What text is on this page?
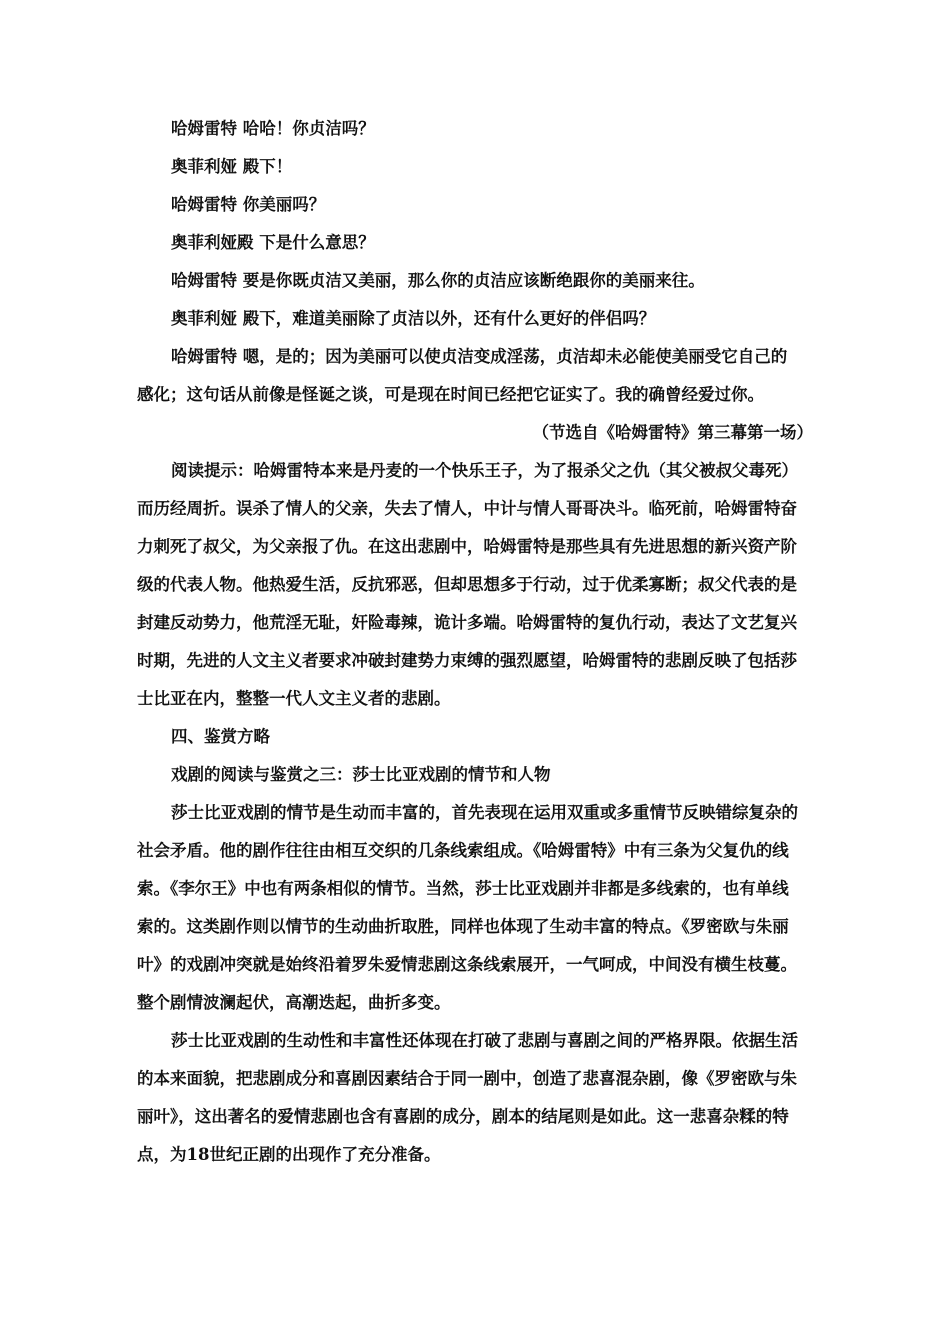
哈姆雷特 哈哈！你贞洁吗？

奥菲利娅 殿下！

哈姆雷特 你美丽吗？

奥菲利娅殿 下是什么意思？

哈姆雷特 要是你既贞洁又美丽，那么你的贞洁应该断绝跟你的美丽来往。

奥菲利娅 殿下，难道美丽除了贞洁以外，还有什么更好的伴侣吗？

哈姆雷特 嗯，是的；因为美丽可以使贞洁变成淫荡，贞洁却未必能使美丽受它自己的

感化；这句话从前像是怪诞之谈，可是现在时间已经把它证实了。我的确曾经爱过你。

（节选自《哈姆雷特》第三幕第一场）

阅读提示：哈姆雷特本来是丹麦的一个快乐王子，为了报杀父之仇（其父被叔父毒死）

而历经周折。误杀了情人的父亲，失去了情人，中计与情人哥哥决斗。临死前，哈姆雷特奋

力刺死了叔父，为父亲报了仇。在这出悲剧中，哈姆雷特是那些具有先进思想的新兴资产阶

级的代表人物。他热爱生活，反抗邪恶，但却思想多于行动，过于优柔寡断；叔父代表的是

封建反动势力，他荒淫无耻，奸险毒辣，诡计多端。哈姆雷特的复仇行动，表达了文艺复兴

时期，先进的人文主义者要求冲破封建势力束缚的强烈愿望，哈姆雷特的悲剧反映了包括莎

士比亚在内，整整一代人文主义者的悲剧。

四、鉴赏方略

戏剧的阅读与鉴赏之三：莎士比亚戏剧的情节和人物

莎士比亚戏剧的情节是生动而丰富的，首先表现在运用双重或多重情节反映错综复杂的

社会矛盾。他的剧作往往由相互交织的几条线索组成。《哈姆雷特》中有三条为父复仇的线

索。《李尔王》中也有两条相似的情节。当然，莎士比亚戏剧并非都是多线索的，也有单线

索的。这类剧作则以情节的生动曲折取胜，同样也体现了生动丰富的特点。《罗密欧与朱丽

叶》的戏剧冲突就是始终沿着罗朱爱情悲剧这条线索展开，一气呵成，中间没有横生枝蔓。

整个剧情波澜起伏，高潮迭起，曲折多变。

莎士比亚戏剧的生动性和丰富性还体现在打破了悲剧与喜剧之间的严格界限。依据生活

的本来面貌，把悲剧成分和喜剧因素结合于同一剧中，创造了悲喜混杂剧，像《罗密欧与朱

丽叶》，这出著名的爱情悲剧也含有喜剧的成分，剧本的结尾则是如此。这一悲喜杂糅的特

点，为18世纪正剧的出现作了充分准备。
